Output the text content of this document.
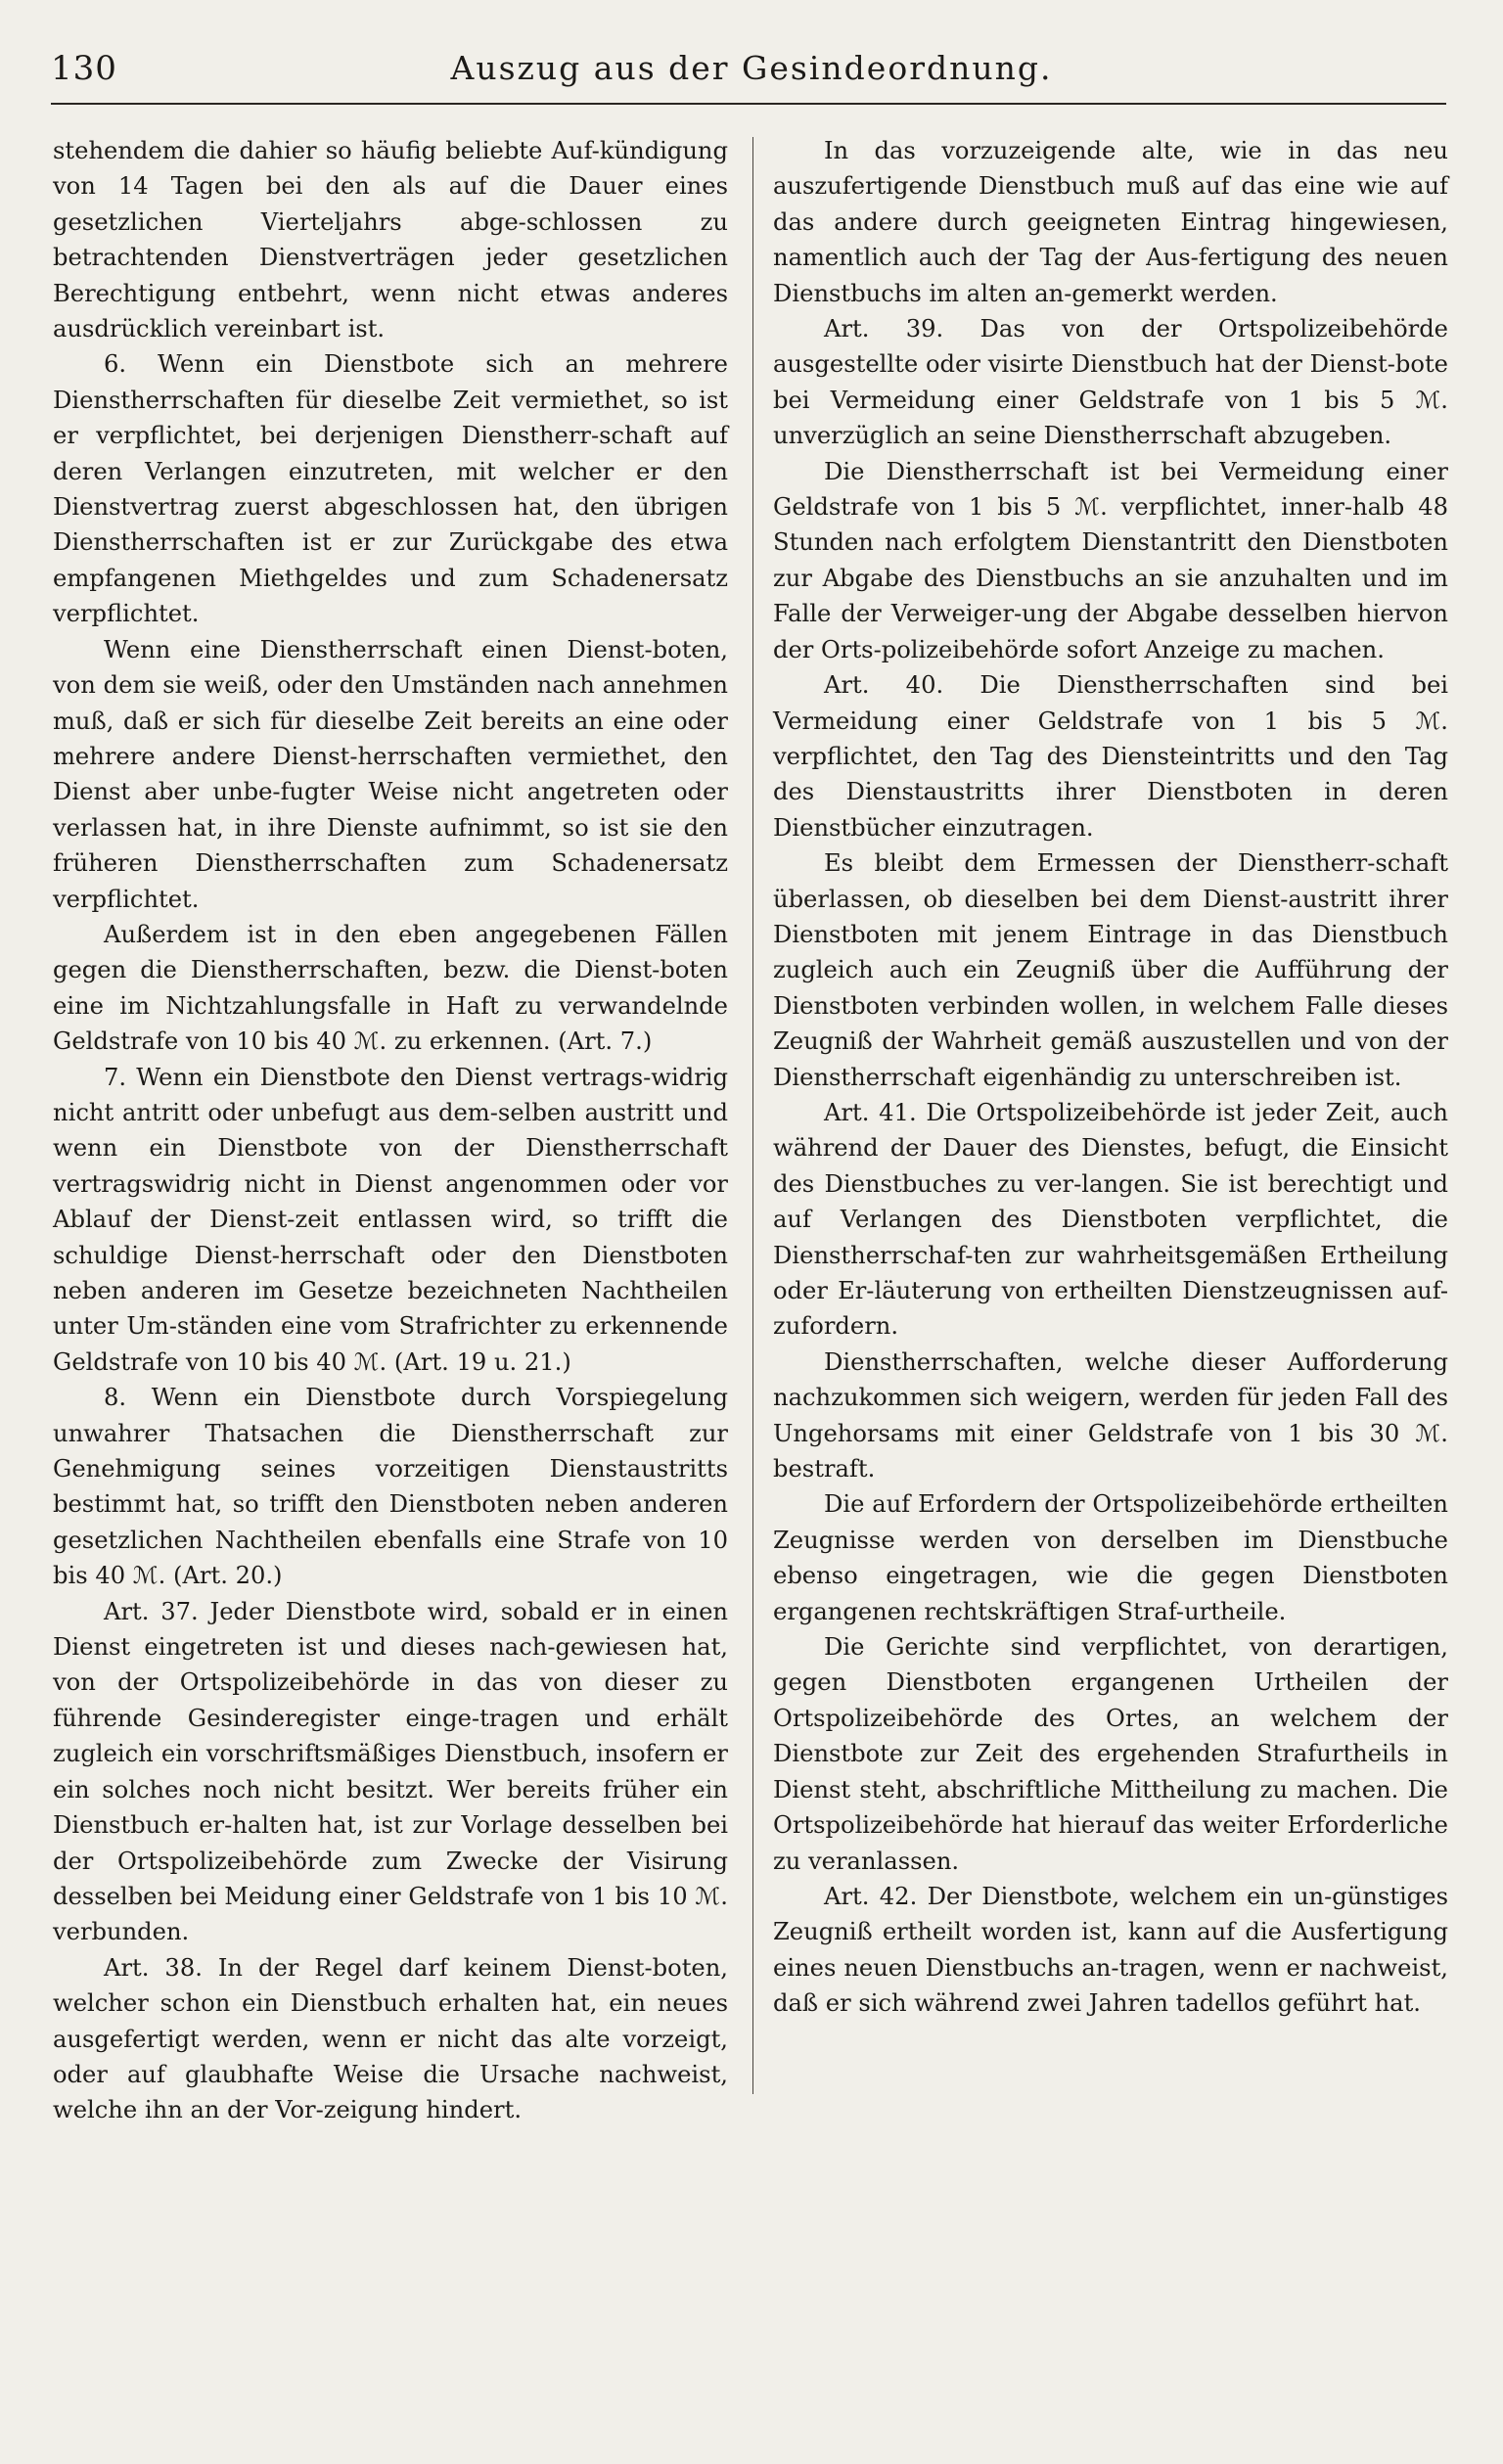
130	Auszug aus der Gesindeordnung.

stehendem die dahier so häufig beliebte Auf-kündigung von 14 Tagen bei den als auf die Dauer eines gesetzlichen Vierteljahrs abge-schlossen zu betrachtenden Dienstverträgen jeder gesetzlichen Berechtigung entbehrt, wenn nicht etwas anderes ausdrücklich vereinbart ist.

6. Wenn ein Dienstbote sich an mehrere Dienstherrschaften für dieselbe Zeit vermiethet, so ist er verpflichtet, bei derjenigen Dienstherr-schaft auf deren Verlangen einzutreten, mit welcher er den Dienstvertrag zuerst abgeschlossen hat, den übrigen Dienstherrschaften ist er zur Zurückgabe des etwa empfangenen Miethgeldes und zum Schadenersatz verpflichtet.

Wenn eine Dienstherrschaft einen Dienst-boten, von dem sie weiß, oder den Umständen nach annehmen muß, daß er sich für dieselbe Zeit bereits an eine oder mehrere andere Dienst-herrschaften vermiethet, den Dienst aber unbe-fugter Weise nicht angetreten oder verlassen hat, in ihre Dienste aufnimmt, so ist sie den früheren Dienstherrschaften zum Schadenersatz verpflichtet.

Außerdem ist in den eben angegebenen Fällen gegen die Dienstherrschaften, bezw. die Dienst-boten eine im Nichtzahlungsfalle in Haft zu verwandelnde Geldstrafe von 10 bis 40 ℳ. zu erkennen. (Art. 7.)

7. Wenn ein Dienstbote den Dienst vertrags-widrig nicht antritt oder unbefugt aus dem-selben austritt und wenn ein Dienstbote von der Dienstherrschaft vertragswidrig nicht in Dienst angenommen oder vor Ablauf der Dienst-zeit entlassen wird, so trifft die schuldige Dienst-herrschaft oder den Dienstboten neben anderen im Gesetze bezeichneten Nachtheilen unter Um-ständen eine vom Strafrichter zu erkennende Geldstrafe von 10 bis 40 ℳ. (Art. 19 u. 21.)

8. Wenn ein Dienstbote durch Vorspiegelung unwahrer Thatsachen die Dienstherrschaft zur Genehmigung seines vorzeitigen Dienstaustritts bestimmt hat, so trifft den Dienstboten neben anderen gesetzlichen Nachtheilen ebenfalls eine Strafe von 10 bis 40 ℳ. (Art. 20.)

Art. 37. Jeder Dienstbote wird, sobald er in einen Dienst eingetreten ist und dieses nach-gewiesen hat, von der Ortspolizeibehörde in das von dieser zu führende Gesinderegister einge-tragen und erhält zugleich ein vorschriftsmäßiges Dienstbuch, insofern er ein solches noch nicht besitzt. Wer bereits früher ein Dienstbuch er-halten hat, ist zur Vorlage desselben bei der Ortspolizeibehörde zum Zwecke der Visirung desselben bei Meidung einer Geldstrafe von 1 bis 10 ℳ. verbunden.

Art. 38. In der Regel darf keinem Dienst-boten, welcher schon ein Dienstbuch erhalten hat, ein neues ausgefertigt werden, wenn er nicht das alte vorzeigt, oder auf glaubhafte Weise die Ursache nachweist, welche ihn an der Vor-zeigung hindert.

In das vorzuzeigende alte, wie in das neu auszufertigende Dienstbuch muß auf das eine wie auf das andere durch geeigneten Eintrag hingewiesen, namentlich auch der Tag der Aus-fertigung des neuen Dienstbuchs im alten an-gemerkt werden.

Art. 39. Das von der Ortspolizeibehörde ausgestellte oder visirte Dienstbuch hat der Dienst-bote bei Vermeidung einer Geldstrafe von 1 bis 5 ℳ. unverzüglich an seine Dienstherrschaft abzugeben.

Die Dienstherrschaft ist bei Vermeidung einer Geldstrafe von 1 bis 5 ℳ. verpflichtet, inner-halb 48 Stunden nach erfolgtem Dienstantritt den Dienstboten zur Abgabe des Dienstbuchs an sie anzuhalten und im Falle der Verweiger-ung der Abgabe desselben hiervon der Orts-polizeibehörde sofort Anzeige zu machen.

Art. 40. Die Dienstherrschaften sind bei Vermeidung einer Geldstrafe von 1 bis 5 ℳ. verpflichtet, den Tag des Diensteintritts und den Tag des Dienstaustritts ihrer Dienstboten in deren Dienstbücher einzutragen.

Es bleibt dem Ermessen der Dienstherr-schaft überlassen, ob dieselben bei dem Dienst-austritt ihrer Dienstboten mit jenem Eintrage in das Dienstbuch zugleich auch ein Zeugniß über die Aufführung der Dienstboten verbinden wollen, in welchem Falle dieses Zeugniß der Wahrheit gemäß auszustellen und von der Dienstherrschaft eigenhändig zu unterschreiben ist.

Art. 41. Die Ortspolizeibehörde ist jeder Zeit, auch während der Dauer des Dienstes, befugt, die Einsicht des Dienstbuches zu ver-langen. Sie ist berechtigt und auf Verlangen des Dienstboten verpflichtet, die Dienstherrschaf-ten zur wahrheitsgemäßen Ertheilung oder Er-läuterung von ertheilten Dienstzeugnissen auf-zufordern.

Dienstherrschaften, welche dieser Aufforderung nachzukommen sich weigern, werden für jeden Fall des Ungehorsams mit einer Geldstrafe von 1 bis 30 ℳ. bestraft.

Die auf Erfordern der Ortspolizeibehörde ertheilten Zeugnisse werden von derselben im Dienstbuche ebenso eingetragen, wie die gegen Dienstboten ergangenen rechtskräftigen Straf-urtheile.

Die Gerichte sind verpflichtet, von derartigen, gegen Dienstboten ergangenen Urtheilen der Ortspolizeibehörde des Ortes, an welchem der Dienstbote zur Zeit des ergehenden Strafurtheils in Dienst steht, abschriftliche Mittheilung zu machen. Die Ortspolizeibehörde hat hierauf das weiter Erforderliche zu veranlassen.

Art. 42. Der Dienstbote, welchem ein un-günstiges Zeugniß ertheilt worden ist, kann auf die Ausfertigung eines neuen Dienstbuchs an-tragen, wenn er nachweist, daß er sich während zwei Jahren tadellos geführt hat.
